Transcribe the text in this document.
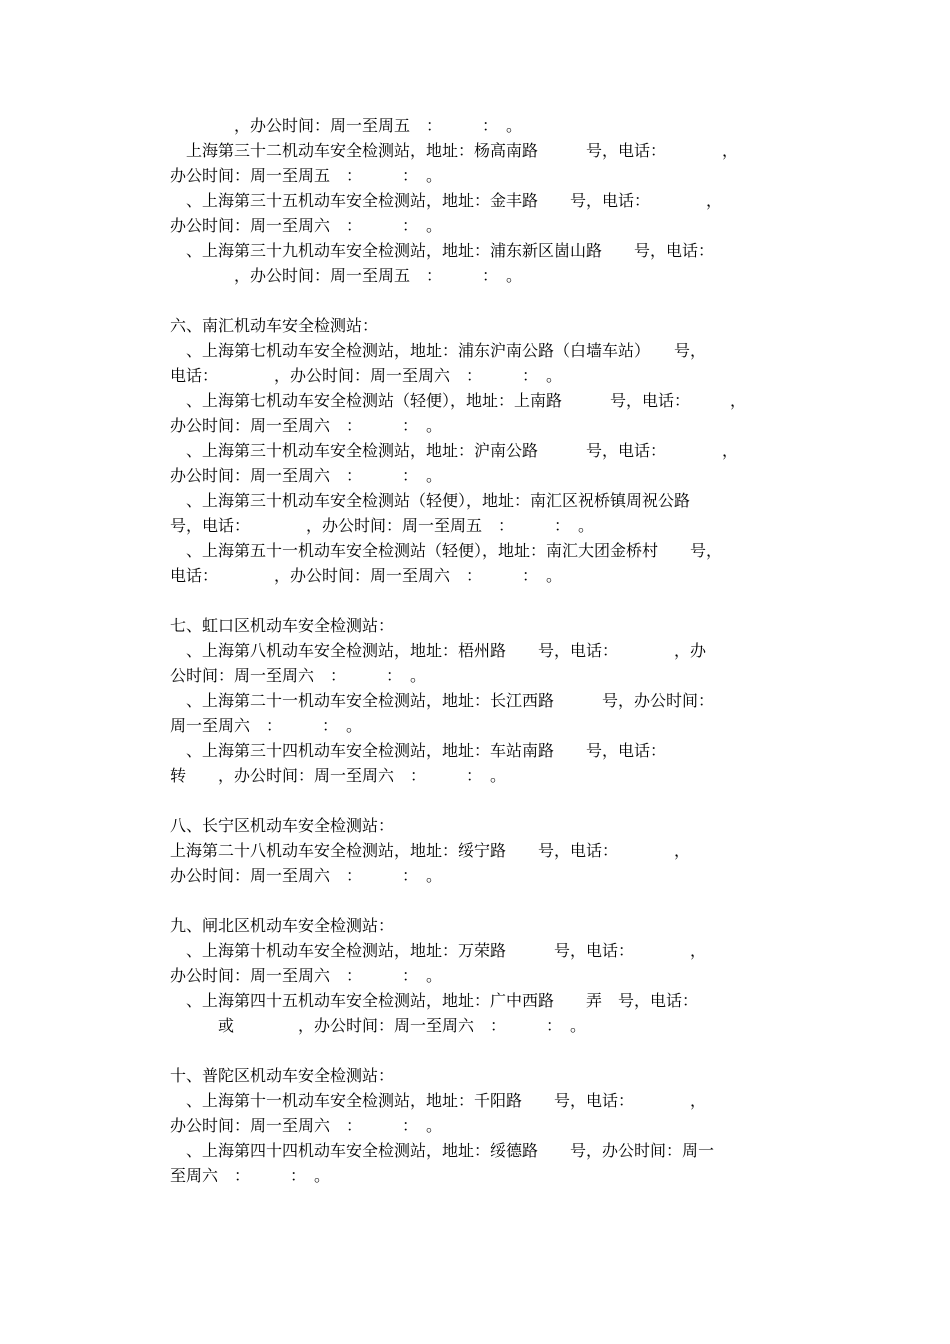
　　　　，办公时间：周一至周五　：　　　：　。
　上海第三十二机动车安全检测站，地址：杨高南路　　　号，电话：　　　　，
办公时间：周一至周五　：　　　：　。
　、上海第三十五机动车安全检测站，地址：金丰路　　号，电话：　　　　，
办公时间：周一至周六　：　　　：　。
　、上海第三十九机动车安全检测站，地址：浦东新区崮山路　　号，电话：
　　　　，办公时间：周一至周五　：　　　：　。
六、南汇机动车安全检测站：
　、上海第七机动车安全检测站，地址：浦东沪南公路（白墙车站）　　号，
电话：　　　　，办公时间：周一至周六　：　　　：　。
　、上海第七机动车安全检测站（轻便），地址：上南路　　　号，电话：　　　，
办公时间：周一至周六　：　　　：　。
　、上海第三十机动车安全检测站，地址：沪南公路　　　号，电话：　　　　，
办公时间：周一至周六　：　　　：　。
　、上海第三十机动车安全检测站（轻便），地址：南汇区祝桥镇周祝公路
号，电话：　　　　，办公时间：周一至周五　：　　　：　。
　、上海第五十一机动车安全检测站（轻便），地址：南汇大团金桥村　　号，
电话：　　　　，办公时间：周一至周六　：　　　：　。
七、虹口区机动车安全检测站：
　、上海第八机动车安全检测站，地址：梧州路　　号，电话：　　　　，办
公时间：周一至周六　：　　　：　。
　、上海第二十一机动车安全检测站，地址：长江西路　　　号，办公时间：
周一至周六　：　　　：　。
　、上海第三十四机动车安全检测站，地址：车站南路　　号，电话：
转　　，办公时间：周一至周六　：　　　：　。
八、长宁区机动车安全检测站：
上海第二十八机动车安全检测站，地址：绥宁路　　号，电话：　　　　，
办公时间：周一至周六　：　　　：　。
九、闸北区机动车安全检测站：
　、上海第十机动车安全检测站，地址：万荣路　　　号，电话：　　　　，
办公时间：周一至周六　：　　　：　。
　、上海第四十五机动车安全检测站，地址：广中西路　　弄　号，电话：
　　　或　　　　，办公时间：周一至周六　：　　　：　。
十、普陀区机动车安全检测站：
　、上海第十一机动车安全检测站，地址：千阳路　　号，电话：　　　　，
办公时间：周一至周六　：　　　：　。
　、上海第四十四机动车安全检测站，地址：绥德路　　号，办公时间：周一
至周六　：　　　：　。
